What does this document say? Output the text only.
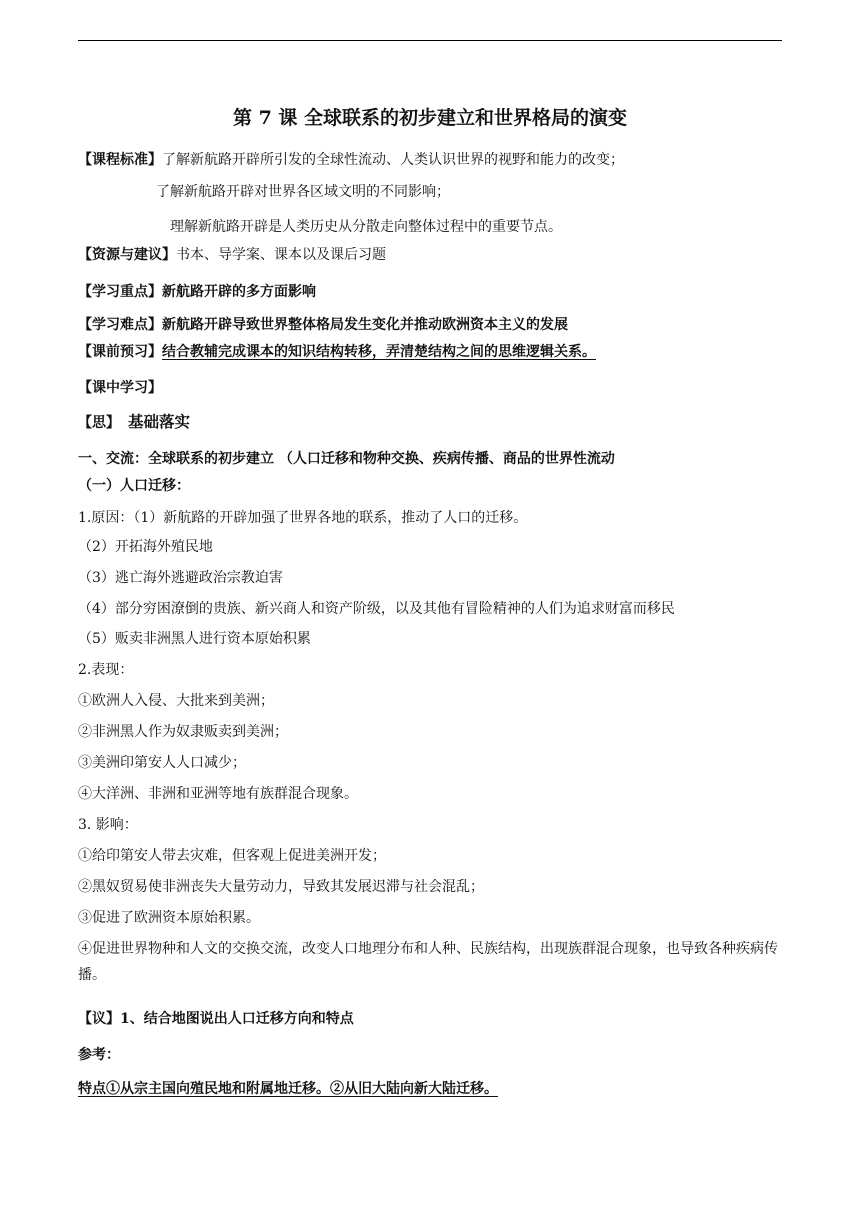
第 7 课 全球联系的初步建立和世界格局的演变
【课程标准】了解新航路开辟所引发的全球性流动、人类认识世界的视野和能力的改变；
了解新航路开辟对世界各区域文明的不同影响；
理解新航路开辟是人类历史从分散走向整体过程中的重要节点。
【资源与建议】书本、导学案、课本以及课后习题
【学习重点】新航路开辟的多方面影响
【学习难点】新航路开辟导致世界整体格局发生变化并推动欧洲资本主义的发展
【课前预习】结合教辅完成课本的知识结构转移，弄清楚结构之间的思维逻辑关系。
【课中学习】
【思】 基础落实
一、交流：全球联系的初步建立 （人口迁移和物种交换、疾病传播、商品的世界性流动
（一）人口迁移：
1.原因：（1）新航路的开辟加强了世界各地的联系，推动了人口的迁移。
（2）开拓海外殖民地
（3）逃亡海外逃避政治宗教迫害
（4）部分穷困潦倒的贵族、新兴商人和资产阶级，以及其他有冒险精神的人们为追求财富而移民
（5）贩卖非洲黑人进行资本原始积累
2.表现：
①欧洲人入侵、大批来到美洲；
②非洲黑人作为奴隶贩卖到美洲；
③美洲印第安人人口减少；
④大洋洲、非洲和亚洲等地有族群混合现象。
3. 影响：
①给印第安人带去灾难，但客观上促进美洲开发；
②黑奴贸易使非洲丧失大量劳动力，导致其发展迟滞与社会混乱；
③促进了欧洲资本原始积累。
④促进世界物种和人文的交换交流，改变人口地理分布和人种、民族结构，出现族群混合现象，也导致各种疾病传播。
【议】1、结合地图说出人口迁移方向和特点
参考：
特点①从宗主国向殖民地和附属地迁移。②从旧大陆向新大陆迁移。
